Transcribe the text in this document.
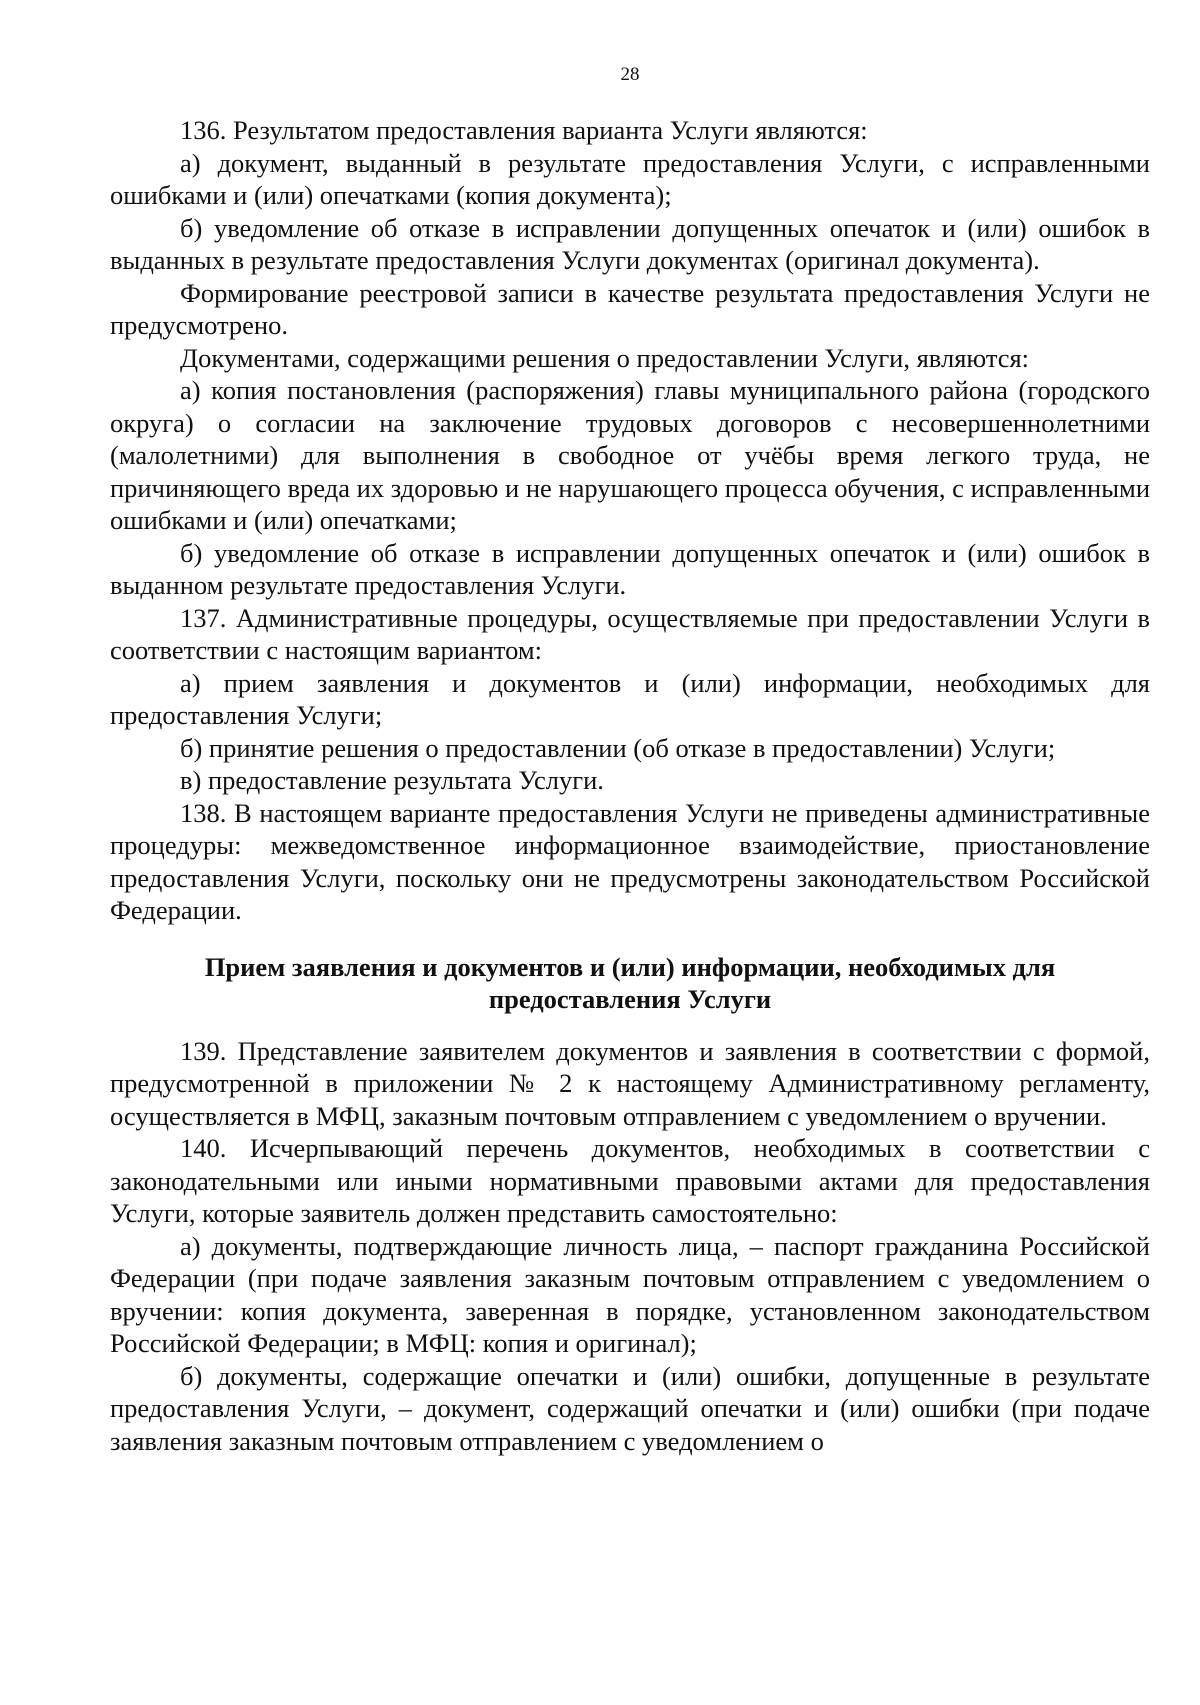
28

136. Результатом предоставления варианта Услуги являются:

а) документ, выданный в результате предоставления Услуги, с исправленными ошибками и (или) опечатками (копия документа);

б) уведомление об отказе в исправлении допущенных опечаток и (или) ошибок в выданных в результате предоставления Услуги документах (оригинал документа).

Формирование реестровой записи в качестве результата предоставления Услуги не предусмотрено.

Документами, содержащими решения о предоставлении Услуги, являются:

а) копия постановления (распоряжения) главы муниципального района (городского округа) о согласии на заключение трудовых договоров с несовершеннолетними (малолетними) для выполнения в свободное от учёбы время легкого труда, не причиняющего вреда их здоровью и не нарушающего процесса обучения, с исправленными ошибками и (или) опечатками;

б) уведомление об отказе в исправлении допущенных опечаток и (или) ошибок в выданном результате предоставления Услуги.

137. Административные процедуры, осуществляемые при предоставлении Услуги в соответствии с настоящим вариантом:

а) прием заявления и документов и (или) информации, необходимых для предоставления Услуги;

б) принятие решения о предоставлении (об отказе в предоставлении) Услуги;

в) предоставление результата Услуги.

138. В настоящем варианте предоставления Услуги не приведены административные процедуры: межведомственное информационное взаимодействие, приостановление предоставления Услуги, поскольку они не предусмотрены законодательством Российской Федерации.

Прием заявления и документов и (или) информации, необходимых для предоставления Услуги

139. Представление заявителем документов и заявления в соответствии с формой, предусмотренной в приложении № 2 к настоящему Административному регламенту, осуществляется в МФЦ, заказным почтовым отправлением с уведомлением о вручении.

140. Исчерпывающий перечень документов, необходимых в соответствии с законодательными или иными нормативными правовыми актами для предоставления Услуги, которые заявитель должен представить самостоятельно:

а) документы, подтверждающие личность лица, – паспорт гражданина Российской Федерации (при подаче заявления заказным почтовым отправлением с уведомлением о вручении: копия документа, заверенная в порядке, установленном законодательством Российской Федерации; в МФЦ: копия и оригинал);

б) документы, содержащие опечатки и (или) ошибки, допущенные в результате предоставления Услуги, – документ, содержащий опечатки и (или) ошибки (при подаче заявления заказным почтовым отправлением с уведомлением о
